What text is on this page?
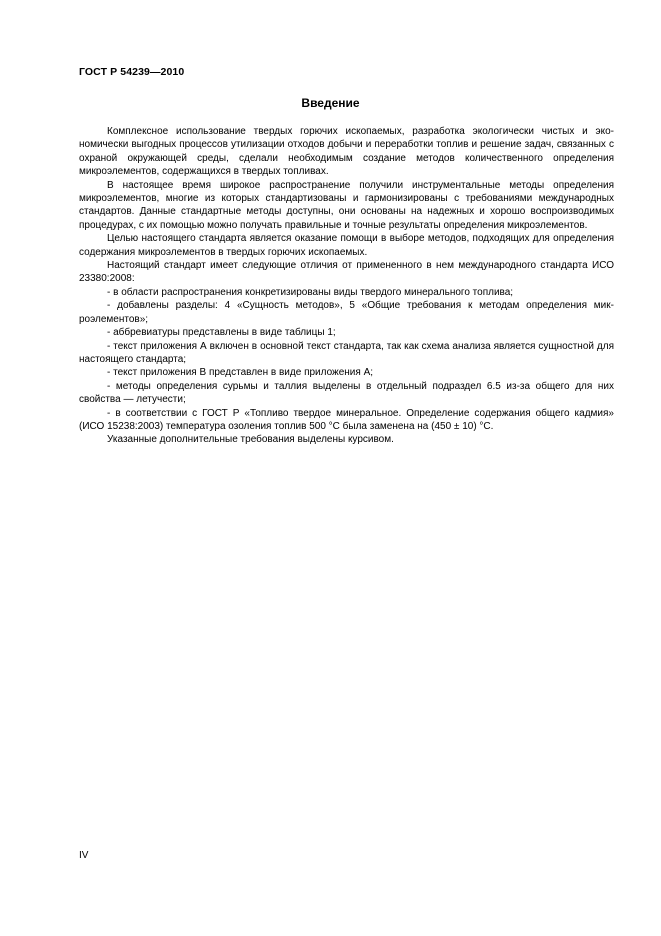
ГОСТ Р 54239—2010
Введение

Комплексное использование твердых горючих ископаемых, разработка экологически чистых и экономически выгодных процессов утилизации отходов добычи и переработки топлив и решение задач, связанных с охраной окружающей среды, сделали необходимым создание методов количественного определения микроэлементов, содержащихся в твердых топливах.

В настоящее время широкое распространение получили инструментальные методы определения микроэлементов, многие из которых стандартизованы и гармонизированы с требованиями международных стандартов. Данные стандартные методы доступны, они основаны на надежных и хорошо воспроизводимых процедурах, с их помощью можно получать правильные и точные результаты определения микроэлементов.

Целью настоящего стандарта является оказание помощи в выборе методов, подходящих для определения содержания микроэлементов в твердых горючих ископаемых.

Настоящий стандарт имеет следующие отличия от примененного в нем международного стандарта ИСО 23380:2008:

- в области распространения конкретизированы виды твердого минерального топлива;

- добавлены разделы: 4 «Сущность методов», 5 «Общие требования к методам определения микроэлементов»;

- аббревиатуры представлены в виде таблицы 1;

- текст приложения А включен в основной текст стандарта, так как схема анализа является сущностной для настоящего стандарта;

- текст приложения В представлен в виде приложения А;

- методы определения сурьмы и таллия выделены в отдельный подраздел 6.5 из-за общего для них свойства — летучести;

- в соответствии с ГОСТ Р «Топливо твердое минеральное. Определение содержания общего кадмия» (ИСО 15238:2003) температура озоления топлив 500 °С была заменена на (450 ± 10) °С.

Указанные дополнительные требования выделены курсивом.

IV
